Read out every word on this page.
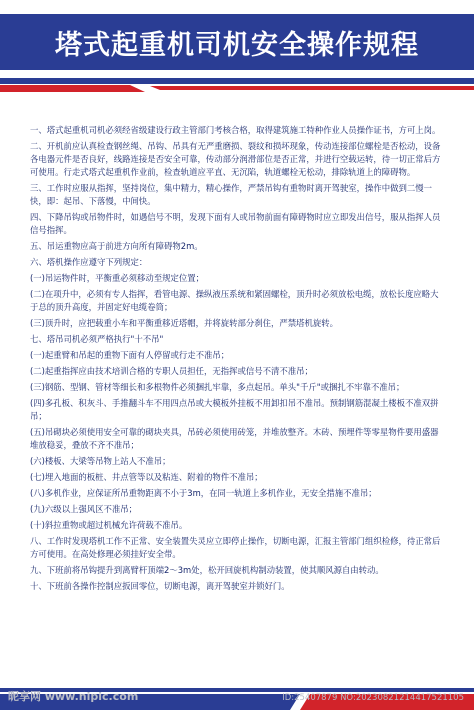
塔式起重机司机安全操作规程

一、塔式起重机司机必须经省级建设行政主管部门考核合格，取得建筑施工特种作业人员操作证书，方可上岗。

二、开机前应认真检查钢丝绳、吊钩、吊具有无严重磨损、裂纹和损坏现象，传动连接部位螺栓是否松动，设备各电器元件是否良好，线路连接是否安全可靠，传动部分润滑部位是否正常，并进行空载运转，待一切正常后方可使用。行走式塔式起重机作业前，检查轨道应平直、无沉陷，轨道螺栓无松动，排除轨道上的障碍物。

三、工作时应服从指挥，坚持岗位，集中精力，精心操作，严禁吊钩有重物时离开驾驶室，操作中做到二慢一快，即：起吊、下落慢，中间快。

四、下降吊钩或吊物件时，如遇信号不明，发现下面有人或吊物前面有障碍物时应立即发出信号，服从指挥人员信号指挥。

五、吊运重物应高于前进方向所有障碍物2m。

六、塔机操作应遵守下列规定：

(一)吊运物件时，平衡重必须移动至规定位置；

(二)在项升中，必须有专人指挥，看管电源、操纵液压系统和紧固螺栓，顶升时必须放松电缆，放松长度应略大于总的顶升高度，并固定好电缆卷筒；

(三)顶升时，应把载重小车和平衡重移近塔帽，并将旋转部分刹住，严禁塔机旋转。

七、塔吊司机必须严格执行"十不吊"

(一)起重臂和吊起的重物下面有人停留或行走不准吊；

(二)起重指挥应由技术培训合格的专职人员担任，无指挥或信号不清不准吊；

(三)钢筋、型钢、管材等细长和多根物件必须捆扎牢靠，多点起吊。单头"千斤"或捆扎不牢靠不准吊；

(四)多孔板、积灰斗、手推翻斗车不用四点吊或大模板外挂板不用卸扣吊不准吊。预制钢筋混凝土楼板不准双拼吊；

(五)吊砌块必须使用安全可靠的砌块夹具，吊砖必须使用砖笼，并堆放整齐。木砖、预埋件等零星物件要用盛器堆放稳妥，叠放不齐不准吊；

(六)楼板、大梁等吊物上站人不准吊；

(七)埋入地面的板桩、井点管等以及粘连、附着的物件不准吊；

(八)多机作业，应保证所吊重物距离不小于3m，在同一轨道上多机作业，无安全措施不准吊；

(九)六级以上强风区不准吊；

(十)斜拉重物或超过机械允许荷载不准吊。

八、工作时发现塔机工作不正常、安全装置失灵应立即停止操作，切断电源，汇报主管部门组织检修，待正常后方可使用。在高处修理必须挂好安全带。

九、下班前将吊钩提升到离臂杆顶端2～3m处，松开回旋机构制动装置，使其顺风源自由转动。

十、下班前各操作控制应扳回零位，切断电源，离开驾驶室并锁好门。

昵享网 www.nipic.com	ID:25407879 NO:20230821214417521105
